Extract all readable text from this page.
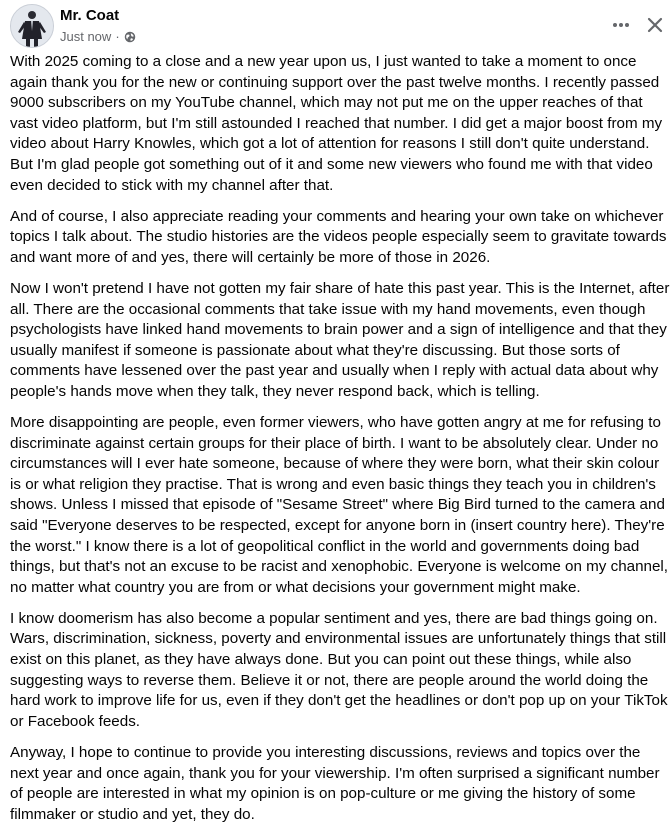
Mr. Coat
Just now ·

With 2025 coming to a close and a new year upon us, I just wanted to take a moment to once again thank you for the new or continuing support over the past twelve months. I recently passed 9000 subscribers on my YouTube channel, which may not put me on the upper reaches of that vast video platform, but I'm still astounded I reached that number. I did get a major boost from my video about Harry Knowles, which got a lot of attention for reasons I still don't quite understand. But I'm glad people got something out of it and some new viewers who found me with that video even decided to stick with my channel after that.

And of course, I also appreciate reading your comments and hearing your own take on whichever topics I talk about. The studio histories are the videos people especially seem to gravitate towards and want more of and yes, there will certainly be more of those in 2026.

Now I won't pretend I have not gotten my fair share of hate this past year. This is the Internet, after all. There are the occasional comments that take issue with my hand movements, even though psychologists have linked hand movements to brain power and a sign of intelligence and that they usually manifest if someone is passionate about what they're discussing. But those sorts of comments have lessened over the past year and usually when I reply with actual data about why people's hands move when they talk, they never respond back, which is telling.

More disappointing are people, even former viewers, who have gotten angry at me for refusing to discriminate against certain groups for their place of birth. I want to be absolutely clear. Under no circumstances will I ever hate someone, because of where they were born, what their skin colour is or what religion they practise. That is wrong and even basic things they teach you in children's shows. Unless I missed that episode of "Sesame Street" where Big Bird turned to the camera and said "Everyone deserves to be respected, except for anyone born in (insert country here). They're the worst." I know there is a lot of geopolitical conflict in the world and governments doing bad things, but that's not an excuse to be racist and xenophobic. Everyone is welcome on my channel, no matter what country you are from or what decisions your government might make.

I know doomerism has also become a popular sentiment and yes, there are bad things going on. Wars, discrimination, sickness, poverty and environmental issues are unfortunately things that still exist on this planet, as they have always done. But you can point out these things, while also suggesting ways to reverse them. Believe it or not, there are people around the world doing the hard work to improve life for us, even if they don't get the headlines or don't pop up on your TikTok or Facebook feeds.

Anyway, I hope to continue to provide you interesting discussions, reviews and topics over the next year and once again, thank you for your viewership. I'm often surprised a significant number of people are interested in what my opinion is on pop-culture or me giving the history of some filmmaker or studio and yet, they do.
